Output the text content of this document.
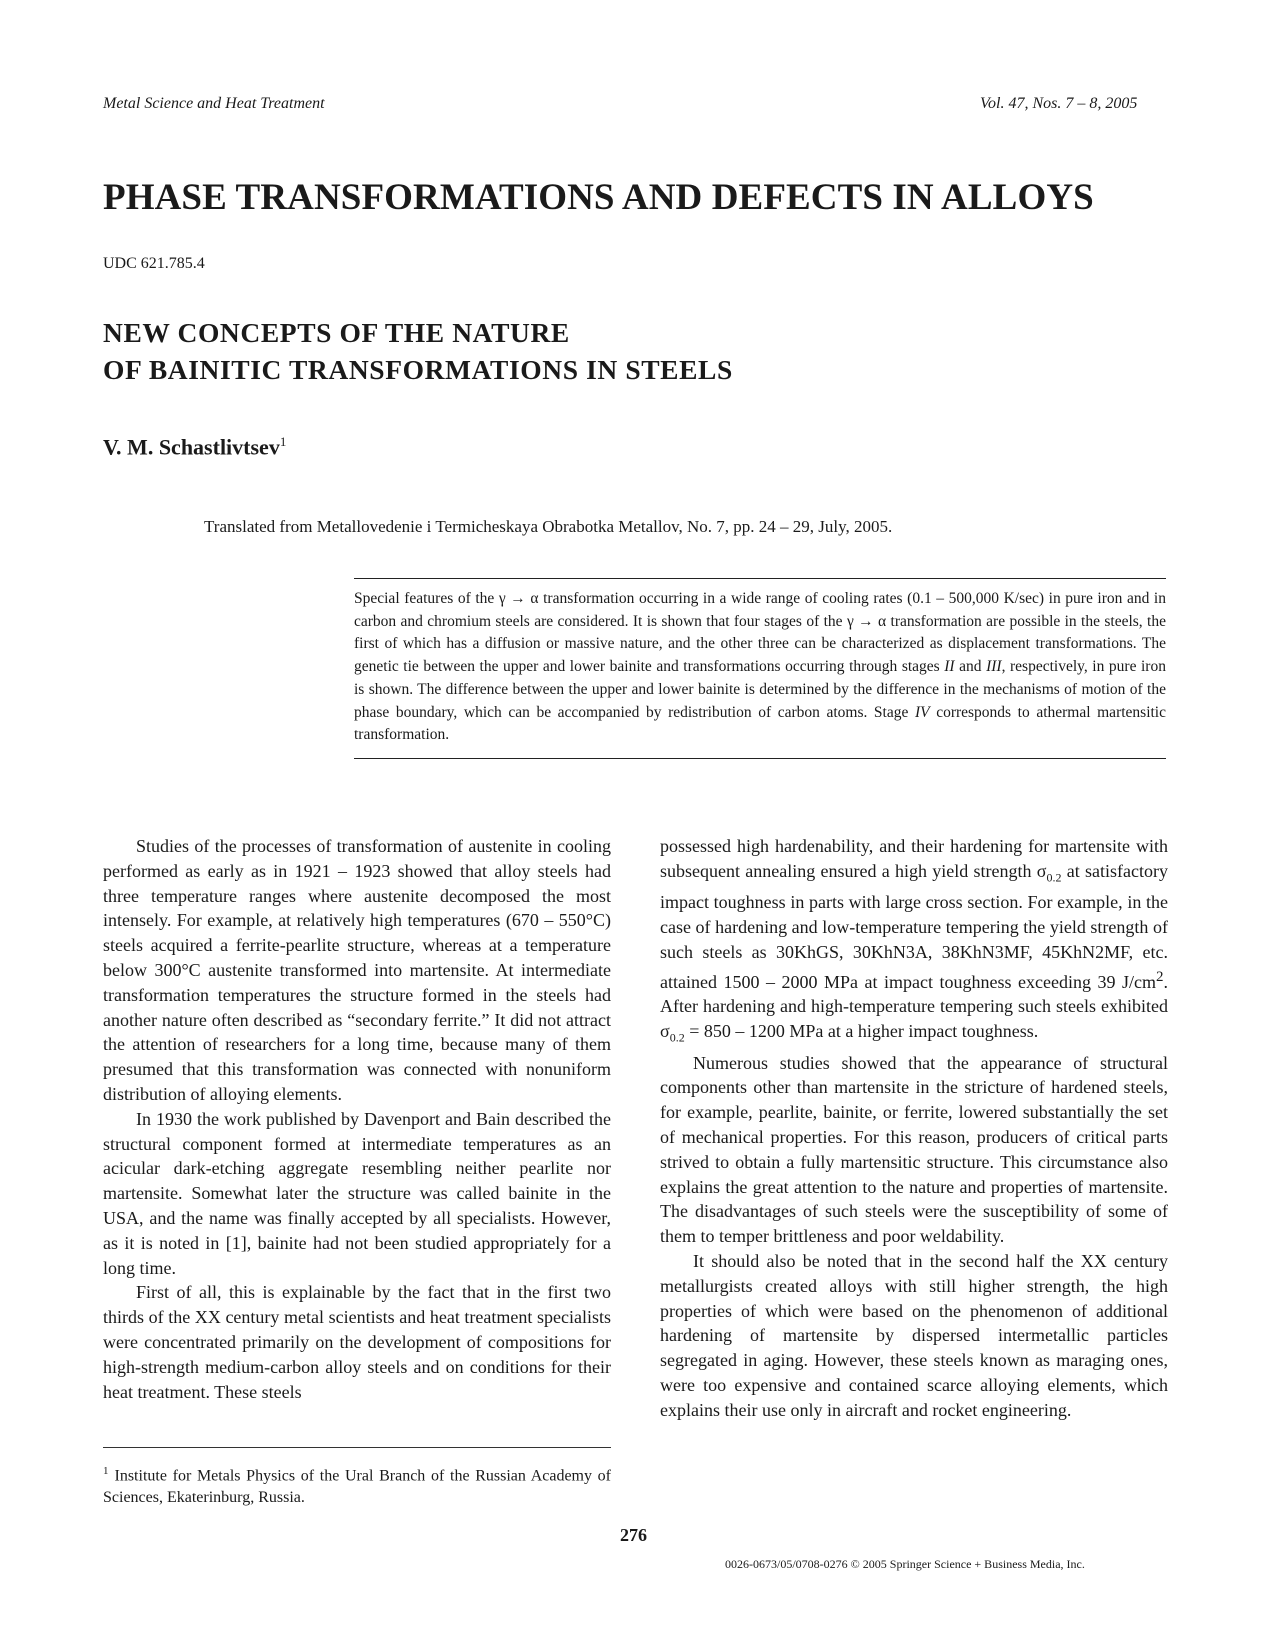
Metal Science and Heat Treatment	Vol. 47, Nos. 7 – 8, 2005
PHASE TRANSFORMATIONS AND DEFECTS IN ALLOYS
UDC 621.785.4
NEW CONCEPTS OF THE NATURE
OF BAINITIC TRANSFORMATIONS IN STEELS
V. M. Schastlivtsev$^1$
Translated from Metallovedenie i Termicheskaya Obrabotka Metallov, No. 7, pp. 24 – 29, July, 2005.
Special features of the γ → α transformation occurring in a wide range of cooling rates (0.1 – 500,000 K/sec) in pure iron and in carbon and chromium steels are considered. It is shown that four stages of the γ → α transformation are possible in the steels, the first of which has a diffusion or massive nature, and the other three can be characterized as displacement transformations. The genetic tie between the upper and lower bainite and transformations occurring through stages II and III, respectively, in pure iron is shown. The difference between the upper and lower bainite is determined by the difference in the mechanisms of motion of the phase boundary, which can be accompanied by redistribution of carbon atoms. Stage IV corresponds to athermal martensitic transformation.

Studies of the processes of transformation of austenite in cooling performed as early as in 1921 – 1923 showed that alloy steels had three temperature ranges where austenite decomposed the most intensely. For example, at relatively high temperatures (670 – 550°C) steels acquired a ferrite-pearlite structure, whereas at a temperature below 300°C austenite transformed into martensite. At intermediate transformation temperatures the structure formed in the steels had another nature often described as “secondary ferrite.” It did not attract the attention of researchers for a long time, because many of them presumed that this transformation was connected with nonuniform distribution of alloying elements.

In 1930 the work published by Davenport and Bain described the structural component formed at intermediate temperatures as an acicular dark-etching aggregate resembling neither pearlite nor martensite. Somewhat later the structure was called bainite in the USA, and the name was finally accepted by all specialists. However, as it is noted in [1], bainite had not been studied appropriately for a long time.

First of all, this is explainable by the fact that in the first two thirds of the XX century metal scientists and heat treatment specialists were concentrated primarily on the development of compositions for high-strength medium-carbon alloy steels and on conditions for their heat treatment. These steels

possessed high hardenability, and their hardening for martensite with subsequent annealing ensured a high yield strength $\sigma_{0.2}$ at satisfactory impact toughness in parts with large cross section. For example, in the case of hardening and low-temperature tempering the yield strength of such steels as 30KhGS, 30KhN3A, 38KhN3MF, 45KhN2MF, etc. attained 1500 – 2000 MPa at impact toughness exceeding 39 $J/cm^2$. After hardening and high-temperature tempering such steels exhibited $\sigma_{0.2} = 850 - 1200$ MPa at a higher impact toughness.

Numerous studies showed that the appearance of structural components other than martensite in the stricture of hardened steels, for example, pearlite, bainite, or ferrite, lowered substantially the set of mechanical properties. For this reason, producers of critical parts strived to obtain a fully martensitic structure. This circumstance also explains the great attention to the nature and properties of martensite. The disadvantages of such steels were the susceptibility of some of them to temper brittleness and poor weldability.

It should also be noted that in the second half the XX century metallurgists created alloys with still higher strength, the high properties of which were based on the phenomenon of additional hardening of martensite by dispersed intermetallic particles segregated in aging. However, these steels known as maraging ones, were too expensive and contained scarce alloying elements, which explains their use only in aircraft and rocket engineering.

$^1$ Institute for Metals Physics of the Ural Branch of the Russian Academy of Sciences, Ekaterinburg, Russia.
276
0026-0673/05/0708-0276 © 2005 Springer Science + Business Media, Inc.
